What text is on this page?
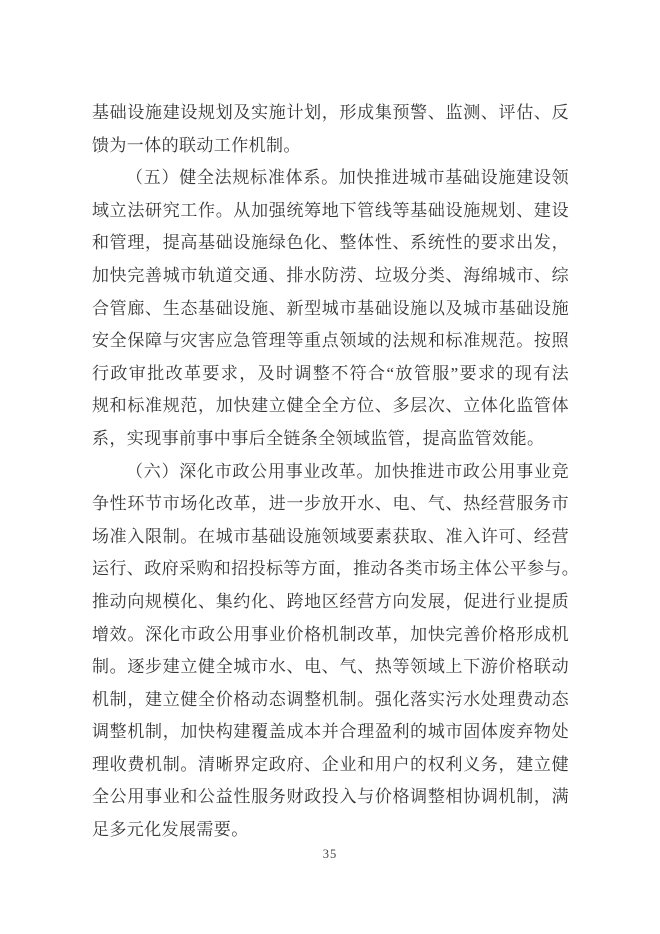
基础设施建设规划及实施计划，形成集预警、监测、评估、反
馈为一体的联动工作机制。
（五）健全法规标准体系。加快推进城市基础设施建设领
域立法研究工作。从加强统筹地下管线等基础设施规划、建设
和管理，提高基础设施绿色化、整体性、系统性的要求出发，
加快完善城市轨道交通、排水防涝、垃圾分类、海绵城市、综
合管廊、生态基础设施、新型城市基础设施以及城市基础设施
安全保障与灾害应急管理等重点领域的法规和标准规范。按照
行政审批改革要求，及时调整不符合“放管服”要求的现有法
规和标准规范，加快建立健全全方位、多层次、立体化监管体
系，实现事前事中事后全链条全领域监管，提高监管效能。
（六）深化市政公用事业改革。加快推进市政公用事业竞
争性环节市场化改革，进一步放开水、电、气、热经营服务市
场准入限制。在城市基础设施领域要素获取、准入许可、经营
运行、政府采购和招投标等方面，推动各类市场主体公平参与。
推动向规模化、集约化、跨地区经营方向发展，促进行业提质
增效。深化市政公用事业价格机制改革，加快完善价格形成机
制。逐步建立健全城市水、电、气、热等领域上下游价格联动
机制，建立健全价格动态调整机制。强化落实污水处理费动态
调整机制，加快构建覆盖成本并合理盈利的城市固体废弃物处
理收费机制。清晰界定政府、企业和用户的权利义务，建立健
全公用事业和公益性服务财政投入与价格调整相协调机制，满
足多元化发展需要。
35
